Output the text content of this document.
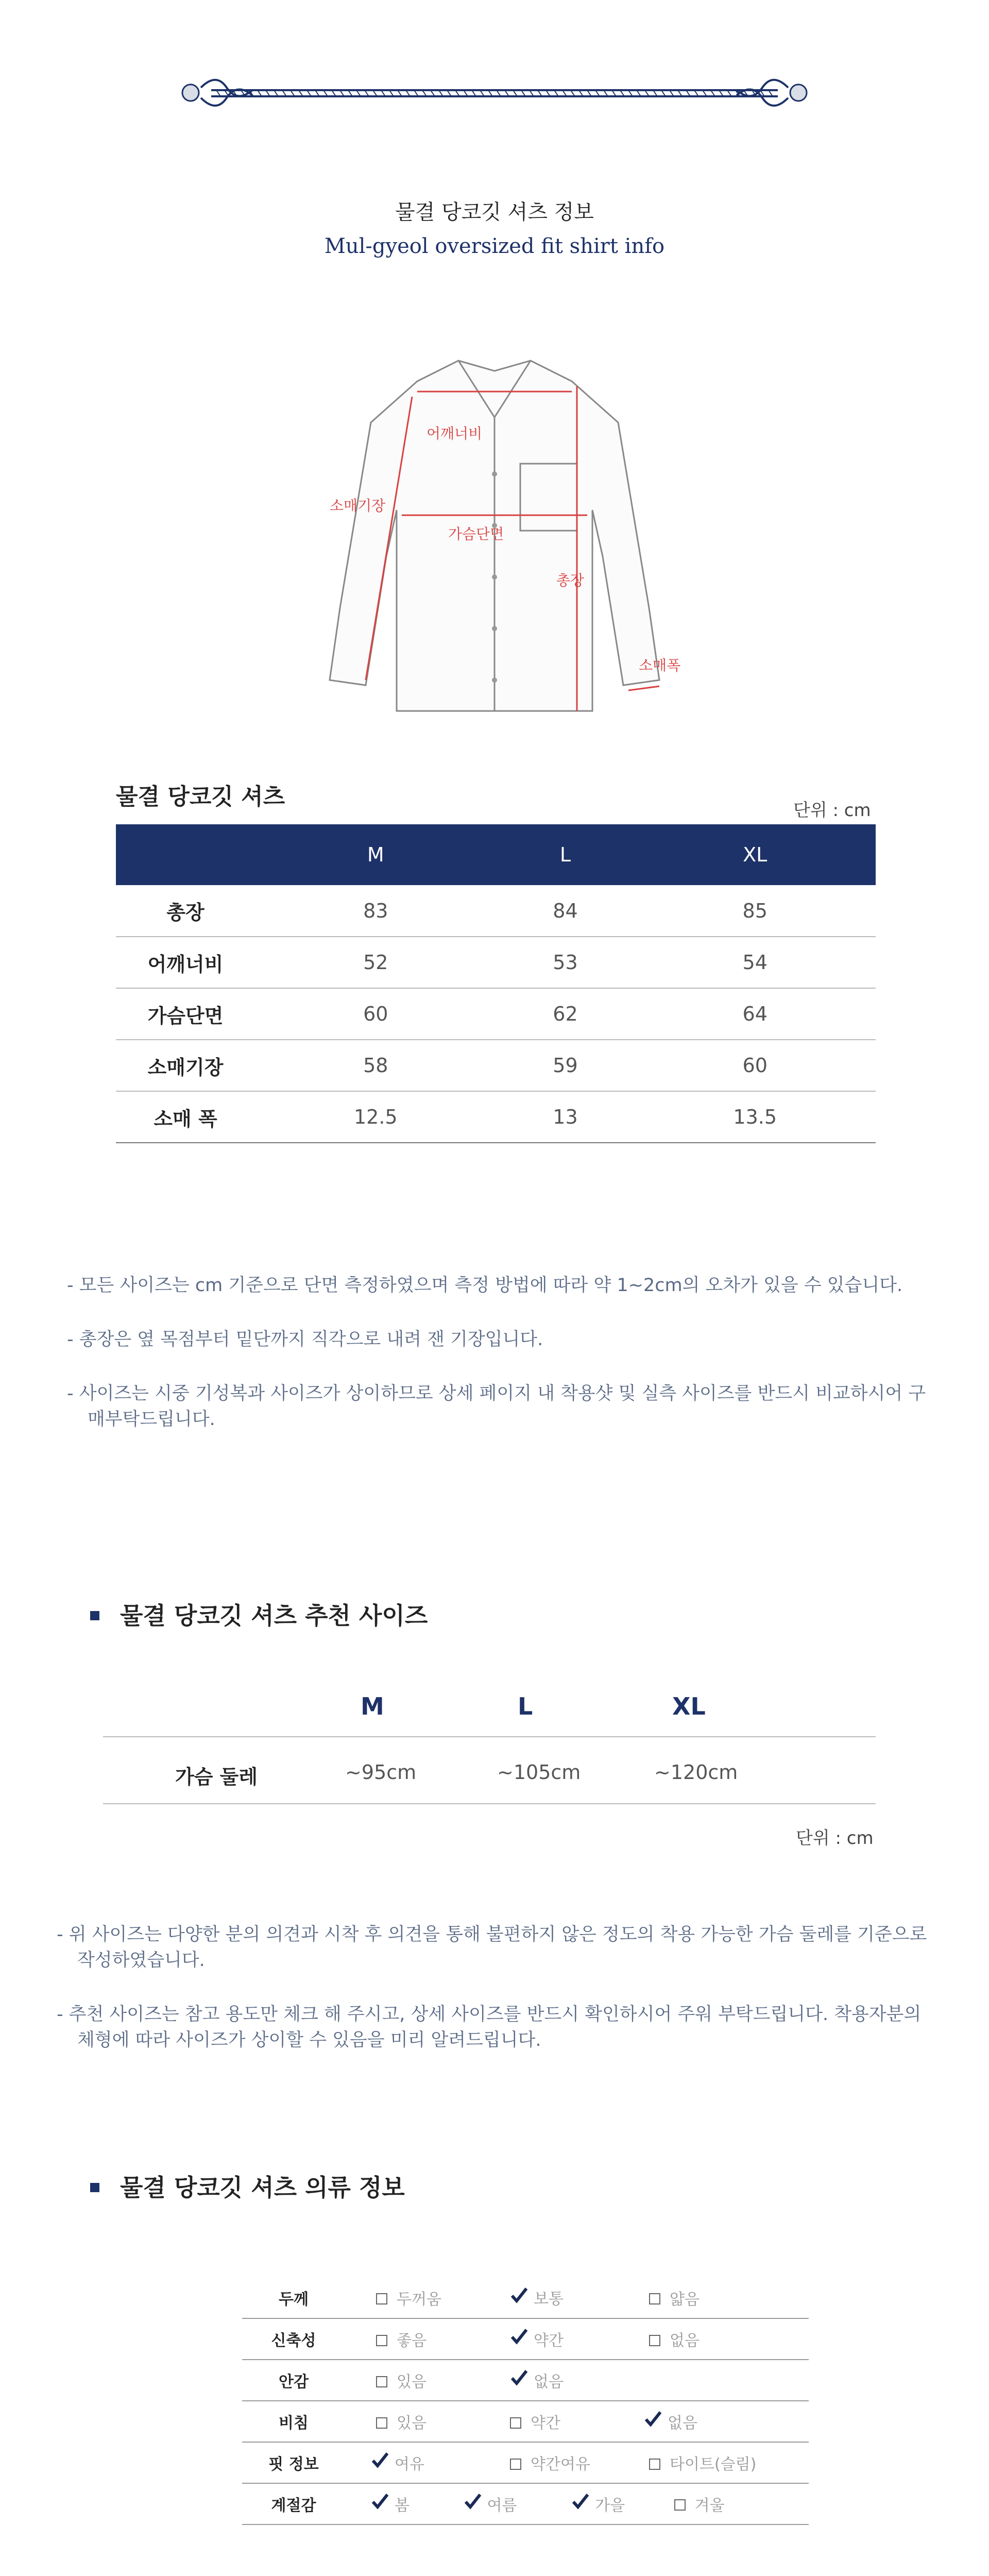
물결 당코깃 셔츠 정보
Mul-gyeol oversized fit shirt info
어깨너비
소매기장
가슴단면
총장
소매폭
물결 당코깃 셔츠
단위 : cm
	M	L	XL
총장	83	84	85
어깨너비	52	53	54
가슴단면	60	62	64
소매기장	58	59	60
소매 폭	12.5	13	13.5

- 모든 사이즈는 cm 기준으로 단면 측정하였으며 측정 방법에 따라 약 1~2cm의 오차가 있을 수 있습니다.

- 총장은 옆 목점부터 밑단까지 직각으로 내려 잰 기장입니다.

- 사이즈는 시중 기성복과 사이즈가 상이하므로 상세 페이지 내 착용샷 및 실측 사이즈를 반드시 비교하시어 구매부탁드립니다.

물결 당코깃 셔츠 추천 사이즈
M	L	XL
가슴 둘레	~95cm	~105cm	~120cm
단위 : cm

- 위 사이즈는 다양한 분의 의견과 시착 후 의견을 통해 불편하지 않은 정도의 착용 가능한 가슴 둘레를 기준으로 작성하였습니다.

- 추천 사이즈는 참고 용도만 체크 해 주시고, 상세 사이즈를 반드시 확인하시어 주워 부탁드립니다. 착용자분의 체형에 따라 사이즈가 상이할 수 있음을 미리 알려드립니다.

물결 당코깃 셔츠 의류 정보
두께	두꺼움	보통	얇음
신축성	좋음	약간	없음
안감	있음	없음	
비침	있음	약간	없음
핏 정보	여유	약간여유	타이트(슬림)
계절감	봄 여름 가을 겨울		
